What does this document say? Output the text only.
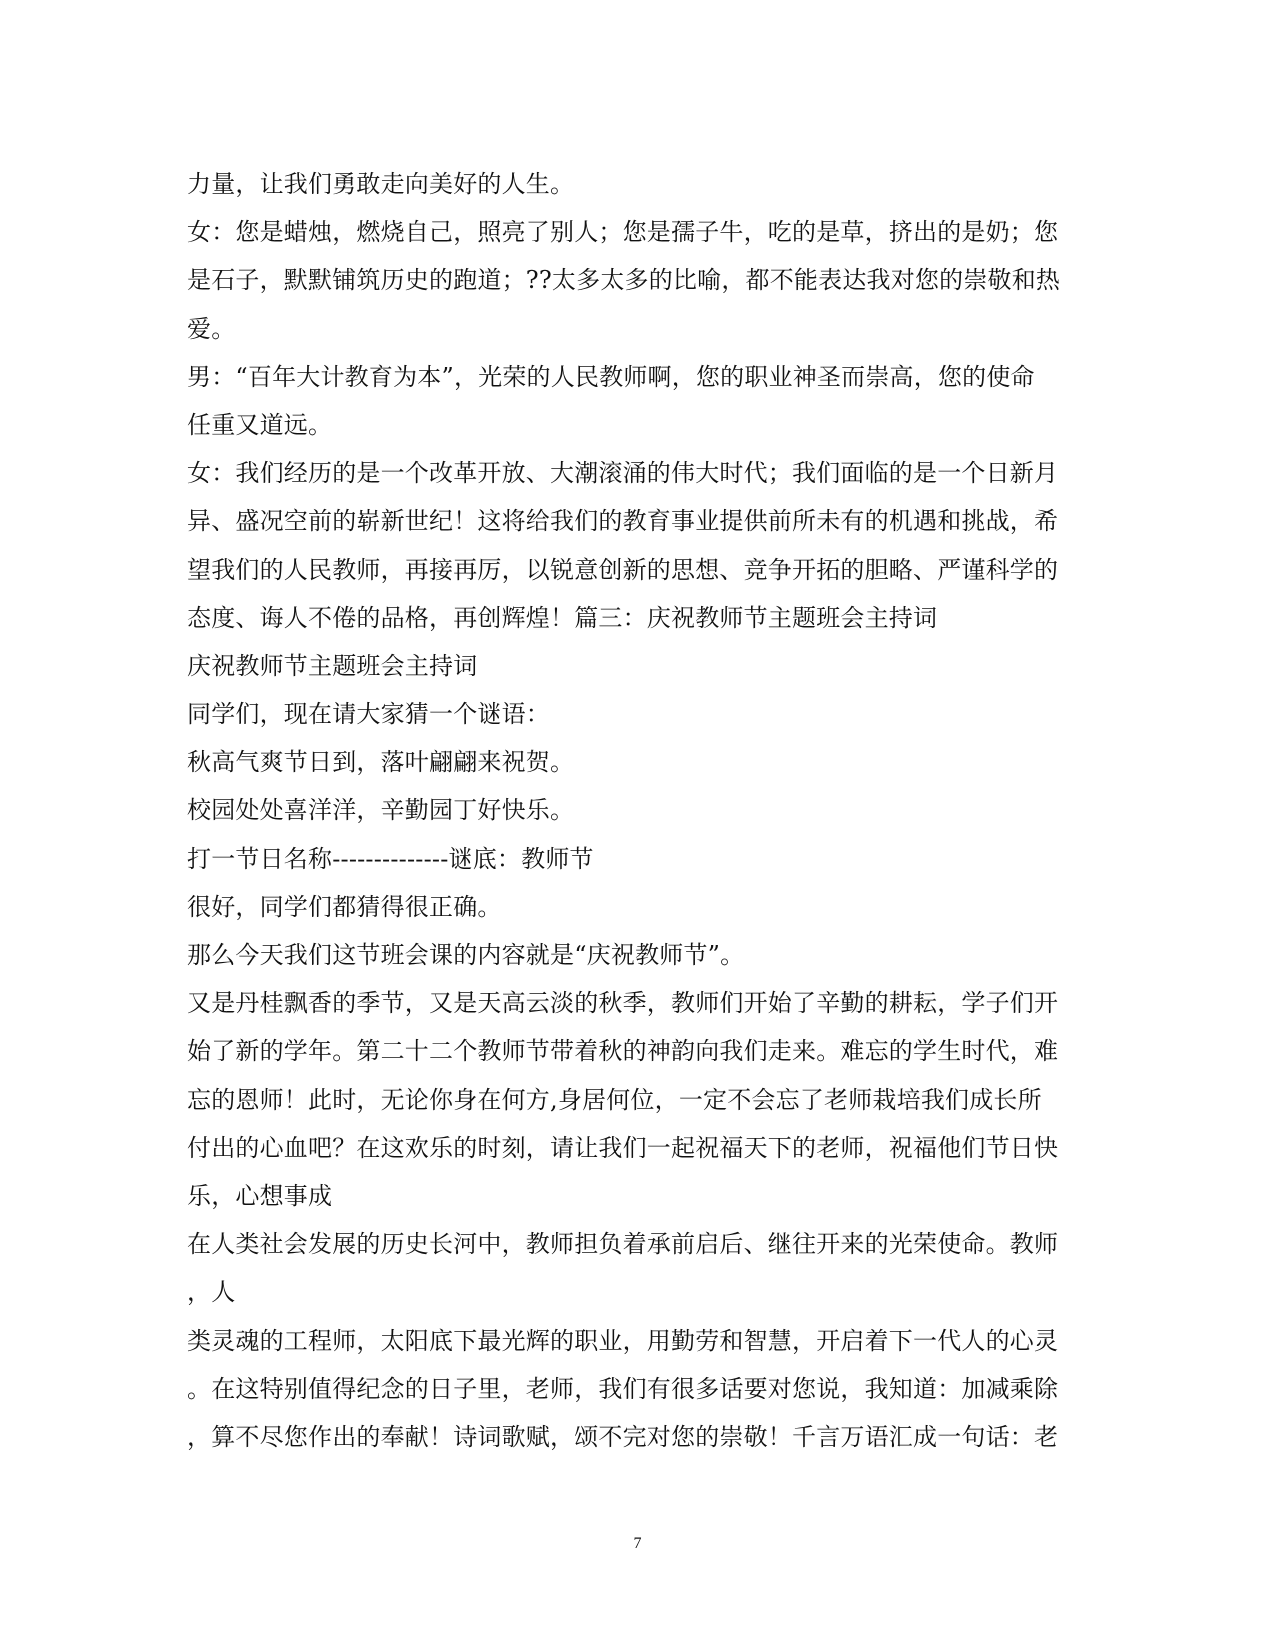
力量，让我们勇敢走向美好的人生。
女：您是蜡烛，燃烧自己，照亮了别人；您是孺子牛，吃的是草，挤出的是奶；您
是石子，默默铺筑历史的跑道；??太多太多的比喻，都不能表达我对您的崇敬和热
爱。
男：“百年大计教育为本”，光荣的人民教师啊，您的职业神圣而崇高，您的使命
任重又道远。
女：我们经历的是一个改革开放、大潮滚涌的伟大时代；我们面临的是一个日新月
异、盛况空前的崭新世纪！这将给我们的教育事业提供前所未有的机遇和挑战，希
望我们的人民教师，再接再厉，以锐意创新的思想、竞争开拓的胆略、严谨科学的
态度、诲人不倦的品格，再创辉煌！篇三：庆祝教师节主题班会主持词
庆祝教师节主题班会主持词
同学们，现在请大家猜一个谜语：
秋高气爽节日到，落叶翩翩来祝贺。
校园处处喜洋洋，辛勤园丁好快乐。
打一节日名称--------------谜底：教师节
很好，同学们都猜得很正确。
那么今天我们这节班会课的内容就是“庆祝教师节”。
又是丹桂飘香的季节，又是天高云淡的秋季，教师们开始了辛勤的耕耘，学子们开
始了新的学年。第二十二个教师节带着秋的神韵向我们走来。难忘的学生时代，难
忘的恩师！此时，无论你身在何方,身居何位，一定不会忘了老师栽培我们成长所
付出的心血吧？在这欢乐的时刻，请让我们一起祝福天下的老师，祝福他们节日快
乐，心想事成
在人类社会发展的历史长河中，教师担负着承前启后、继往开来的光荣使命。教师
，人
类灵魂的工程师，太阳底下最光辉的职业，用勤劳和智慧，开启着下一代人的心灵
。在这特别值得纪念的日子里，老师，我们有很多话要对您说，我知道：加减乘除
，算不尽您作出的奉献！诗词歌赋，颂不完对您的崇敬！千言万语汇成一句话：老
7
